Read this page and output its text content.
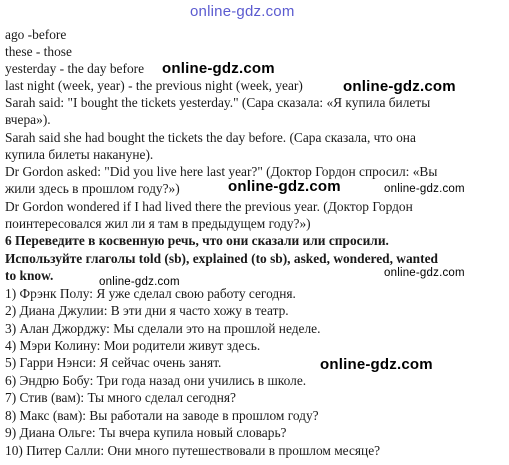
online-gdz.com
ago -before
these - those
yesterday - the day before
last night (week, year) - the previous night (week, year)
Sarah said: "I bought the tickets yesterday." (Сара сказала: «Я купила билеты
вчера»).
Sarah said she had bought the tickets the day before. (Сара сказала, что она
купила билеты накануне).
Dr Gordon asked: "Did you live here last year?" (Доктор Гордон спросил: «Вы
жили здесь в прошлом году?»)
Dr Gordon wondered if I had lived there the previous year. (Доктор Гордон
поинтересовался жил ли я там в предыдущем году?»)
6 Переведите в косвенную речь, что они сказали или спросили.
Используйте глаголы told (sb), explained (to sb), asked, wondered, wanted
to know.
1) Фрэнк Полу: Я уже сделал свою работу сегодня.
2) Диана Джулии: В эти дни я часто хожу в театр.
3) Алан Джорджу: Мы сделали это на прошлой неделе.
4) Мэри Колину: Мои родители живут здесь.
5) Гарри Нэнси: Я сейчас очень занят.
6) Эндрю Бобу: Три года назад они учились в школе.
7) Стив (вам): Ты много сделал сегодня?
8) Макс (вам): Вы работали на заводе в прошлом году?
9) Диана Ольге: Ты вчера купила новый словарь?
10) Питер Салли: Они много путешествовали в прошлом месяце?
online-gdz.com
online-gdz.com
online-gdz.com	online-gdz.com
online-gdz.com
online-gdz.com
online-gdz.com
